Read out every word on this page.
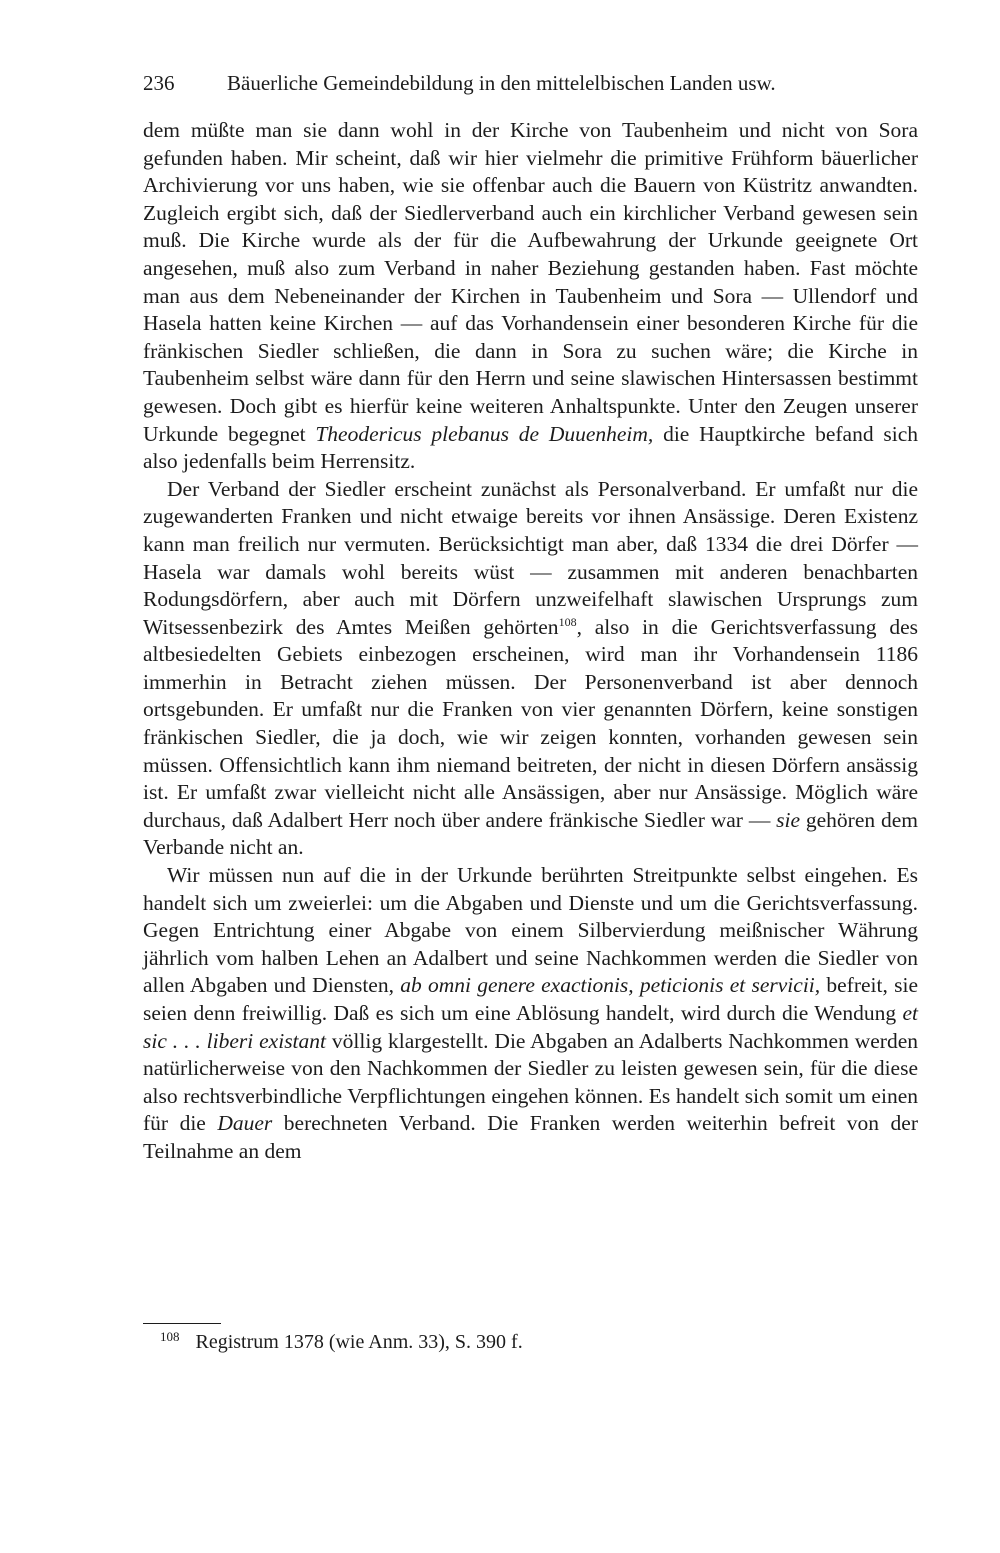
236	Bäuerliche Gemeindebildung in den mittelelbischen Landen usw.

dem müßte man sie dann wohl in der Kirche von Taubenheim und nicht von Sora gefunden haben. Mir scheint, daß wir hier vielmehr die primitive Frühform bäuerlicher Archivierung vor uns haben, wie sie offenbar auch die Bauern von Küstritz anwandten. Zugleich ergibt sich, daß der Siedlerverband auch ein kirchlicher Verband gewesen sein muß. Die Kirche wurde als der für die Aufbewahrung der Urkunde geeignete Ort angesehen, muß also zum Verband in naher Beziehung gestanden haben. Fast möchte man aus dem Nebeneinander der Kirchen in Taubenheim und Sora — Ullendorf und Hasela hatten keine Kirchen — auf das Vorhandensein einer besonderen Kirche für die fränkischen Siedler schließen, die dann in Sora zu suchen wäre; die Kirche in Taubenheim selbst wäre dann für den Herrn und seine slawischen Hintersassen bestimmt gewesen. Doch gibt es hierfür keine weiteren Anhaltspunkte. Unter den Zeugen unserer Urkunde begegnet Theodericus plebanus de Duuenheim, die Hauptkirche befand sich also jedenfalls beim Herrensitz.

Der Verband der Siedler erscheint zunächst als Personalverband. Er umfaßt nur die zugewanderten Franken und nicht etwaige bereits vor ihnen Ansässige. Deren Existenz kann man freilich nur vermuten. Berücksichtigt man aber, daß 1334 die drei Dörfer — Hasela war damals wohl bereits wüst — zusammen mit anderen benachbarten Rodungsdörfern, aber auch mit Dörfern unzweifelhaft slawischen Ursprungs zum Witsessenbezirk des Amtes Meißen gehörten$^{108}$, also in die Gerichtsverfassung des altbesiedelten Gebiets einbezogen erscheinen, wird man ihr Vorhandensein 1186 immerhin in Betracht ziehen müssen. Der Personenverband ist aber dennoch ortsgebunden. Er umfaßt nur die Franken von vier genannten Dörfern, keine sonstigen fränkischen Siedler, die ja doch, wie wir zeigen konnten, vorhanden gewesen sein müssen. Offensichtlich kann ihm niemand beitreten, der nicht in diesen Dörfern ansässig ist. Er umfaßt zwar vielleicht nicht alle Ansässigen, aber nur Ansässige. Möglich wäre durchaus, daß Adalbert Herr noch über andere fränkische Siedler war — sie gehören dem Verbande nicht an.

Wir müssen nun auf die in der Urkunde berührten Streitpunkte selbst eingehen. Es handelt sich um zweierlei: um die Abgaben und Dienste und um die Gerichtsverfassung. Gegen Entrichtung einer Abgabe von einem Silbervierdung meißnischer Währung jährlich vom halben Lehen an Adalbert und seine Nachkommen werden die Siedler von allen Abgaben und Diensten, ab omni genere exactionis, peticionis et servicii, befreit, sie seien denn freiwillig. Daß es sich um eine Ablösung handelt, wird durch die Wendung et sic . . . liberi existant völlig klargestellt. Die Abgaben an Adalberts Nachkommen werden natürlicherweise von den Nachkommen der Siedler zu leisten gewesen sein, für die diese also rechtsverbindliche Verpflichtungen eingehen können. Es handelt sich somit um einen für die Dauer berechneten Verband. Die Franken werden weiterhin befreit von der Teilnahme an dem

$^{108}$ Registrum 1378 (wie Anm. 33), S. 390 f.
